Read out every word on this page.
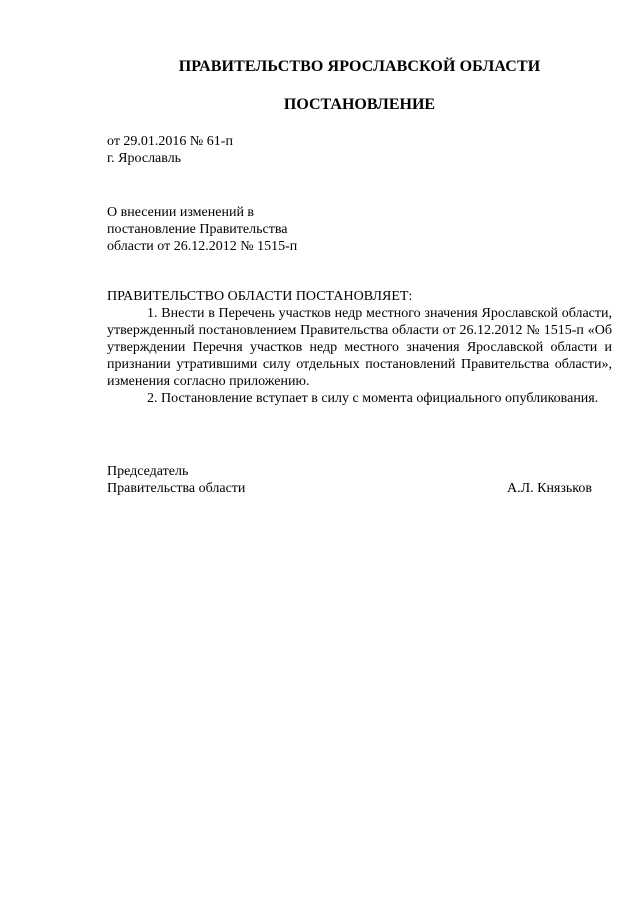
ПРАВИТЕЛЬСТВО ЯРОСЛАВСКОЙ ОБЛАСТИ
ПОСТАНОВЛЕНИЕ
от 29.01.2016 № 61-п
г. Ярославль
О внесении изменений в
постановление Правительства
области от 26.12.2012 № 1515-п
ПРАВИТЕЛЬСТВО ОБЛАСТИ ПОСТАНОВЛЯЕТ:

1. Внести в Перечень участков недр местного значения Ярославской области, утвержденный постановлением Правительства области от 26.12.2012 № 1515-п «Об утверждении Перечня участков недр местного значения Ярославской области и признании утратившими силу отдельных постановлений Правительства области», изменения согласно приложению.

2. Постановление вступает в силу с момента официального опубликования.

Председатель
Правительства области	А.Л. Князьков
